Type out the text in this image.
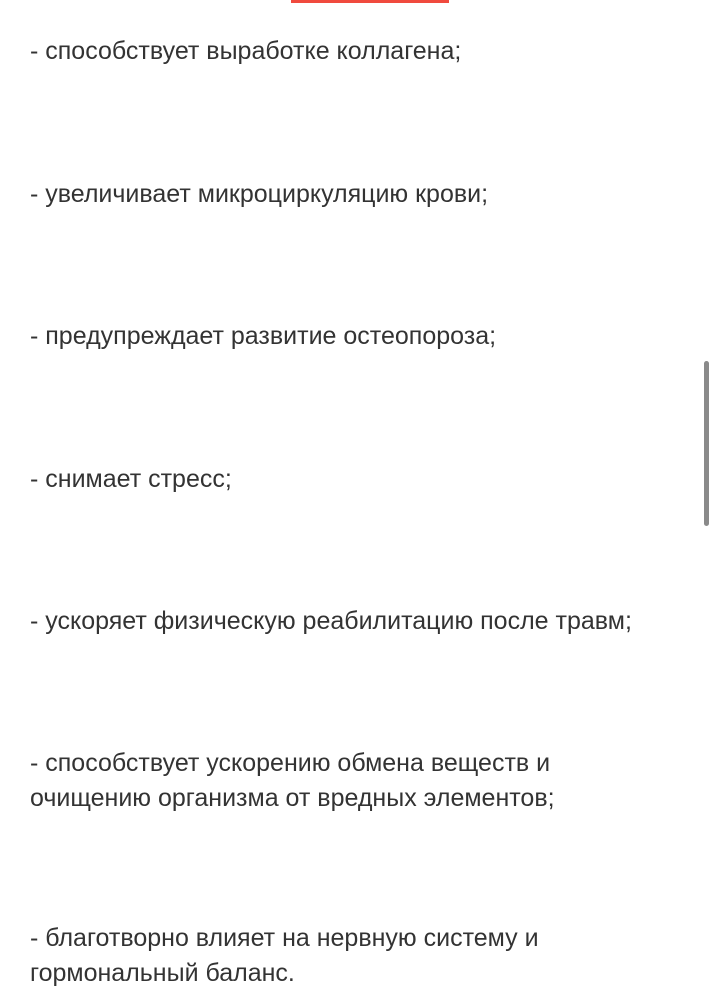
- способствует выработке коллагена;

- увеличивает микроциркуляцию крови;

- предупреждает развитие остеопороза;

- снимает стресс;

- ускоряет физическую реабилитацию после травм;

- способствует ускорению обмена веществ и очищению организма от вредных элементов;

- благотворно влияет на нервную систему и гормональный баланс.
